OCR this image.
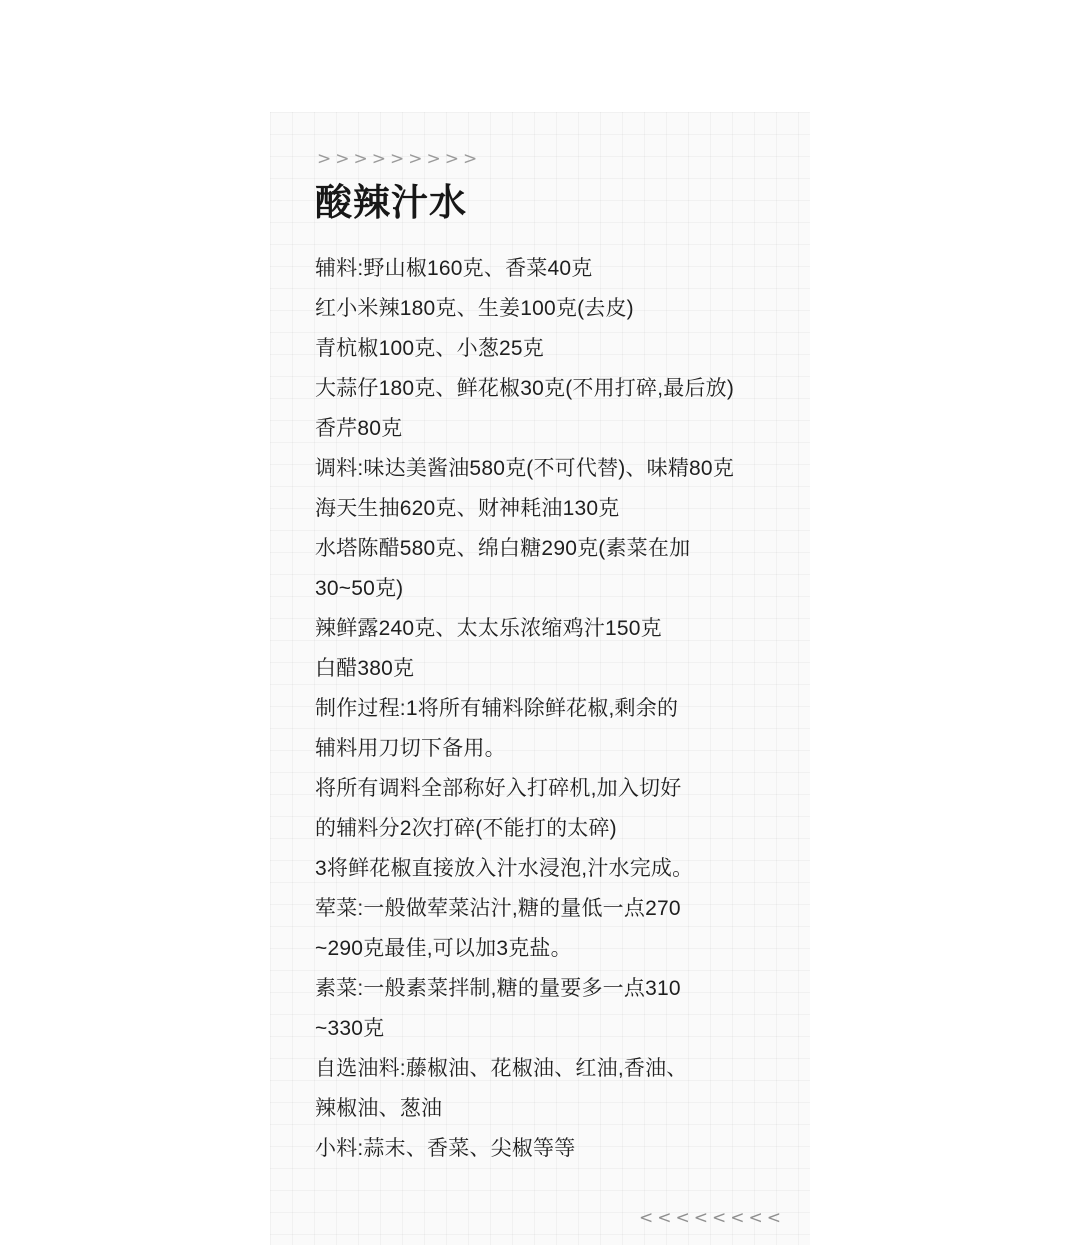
>>>>>>>>>
酸辣汁水
辅料:野山椒160克、香菜40克
红小米辣180克、生姜100克(去皮)
青杭椒100克、小葱25克
大蒜仔180克、鲜花椒30克(不用打碎,最后放)
香芹80克
调料:味达美酱油580克(不可代替)、味精80克
海天生抽620克、财神耗油130克
水塔陈醋580克、绵白糖290克(素菜在加
30~50克)
辣鲜露240克、太太乐浓缩鸡汁150克
白醋380克
制作过程:1将所有辅料除鲜花椒,剩余的
辅料用刀切下备用。
将所有调料全部称好入打碎机,加入切好
的辅料分2次打碎(不能打的太碎)
3将鲜花椒直接放入汁水浸泡,汁水完成。
荤菜:一般做荤菜沾汁,糖的量低一点270
~290克最佳,可以加3克盐。
素菜:一般素菜拌制,糖的量要多一点310
~330克
自选油料:藤椒油、花椒油、红油,香油、
辣椒油、葱油
小料:蒜末、香菜、尖椒等等
<<<<<<<<
